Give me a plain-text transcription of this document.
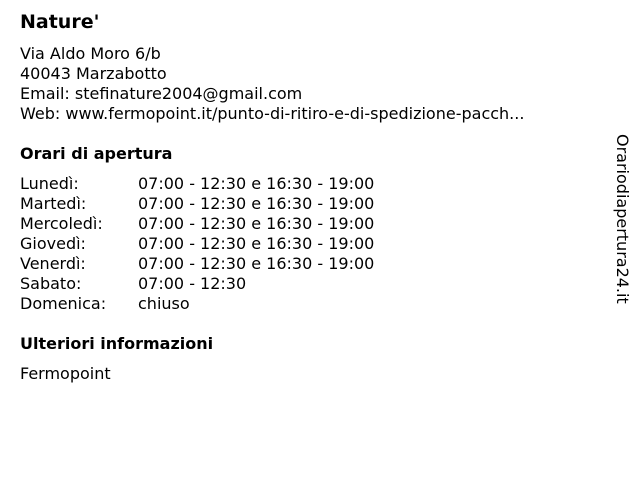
Nature'
Via Aldo Moro 6/b
40043 Marzabotto
Email: stefinature2004@gmail.com
Web: www.fermopoint.it/punto-di-ritiro-e-di-spedizione-pacch...
Orari di apertura
Lunedì:	07:00 - 12:30 e 16:30 - 19:00
Martedì:	07:00 - 12:30 e 16:30 - 19:00
Mercoledì:	07:00 - 12:30 e 16:30 - 19:00
Giovedì:	07:00 - 12:30 e 16:30 - 19:00
Venerdì:	07:00 - 12:30 e 16:30 - 19:00
Sabato:	07:00 - 12:30
Domenica:	chiuso
Ulteriori informazioni
Fermopoint
Orariodiapertura24.it
